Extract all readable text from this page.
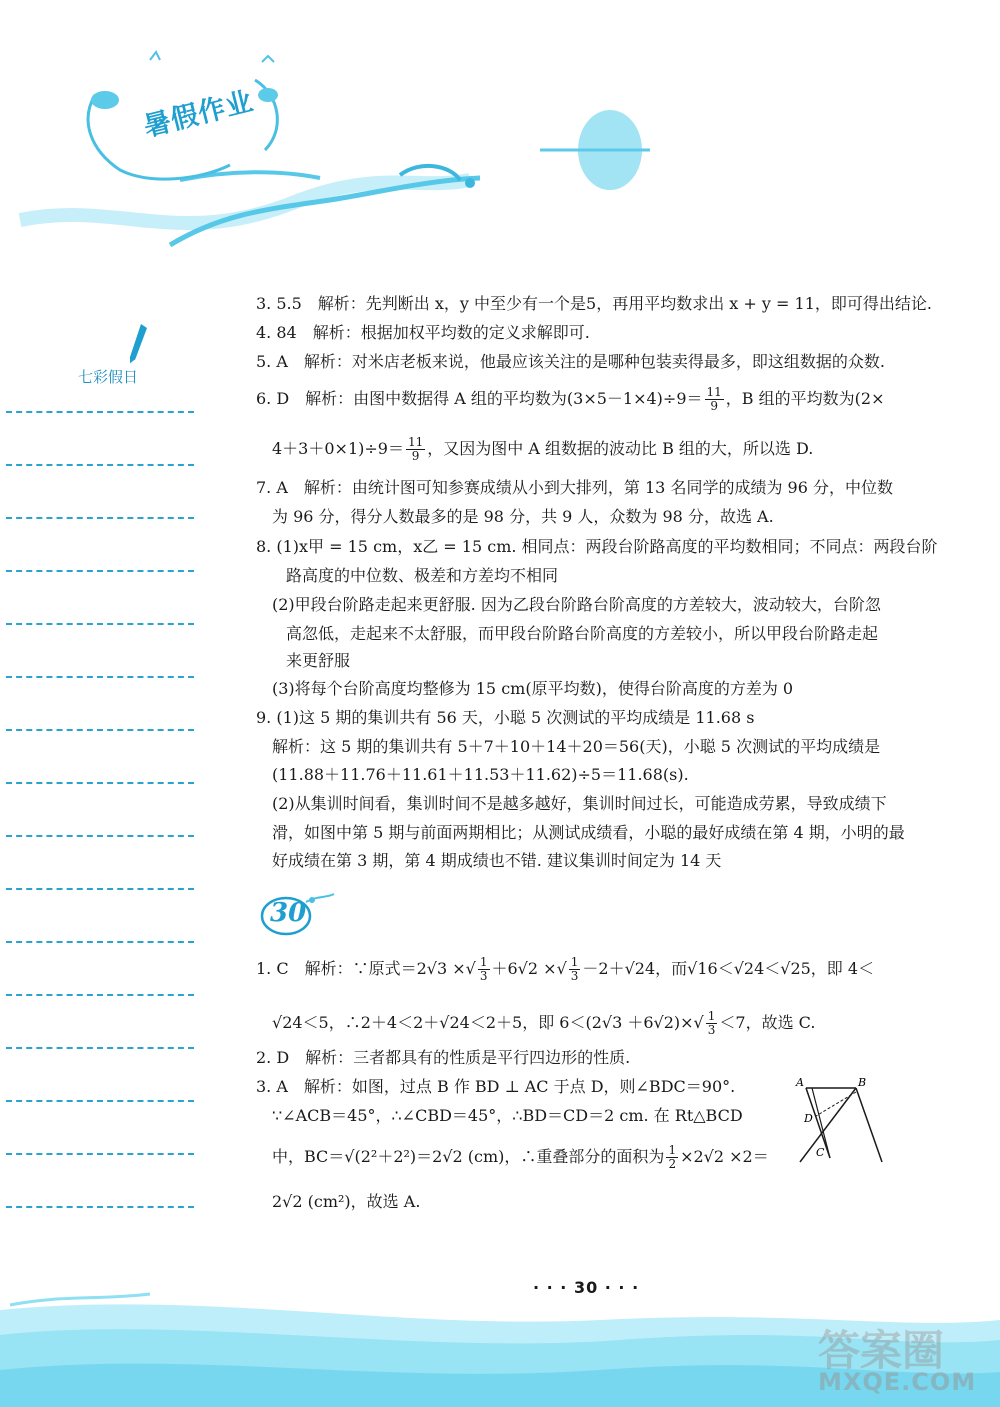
暑假作业
七彩假日
3. 5.5　解析：先判断出 x，y 中至少有一个是5，再用平均数求出 x + y = 11，即可得出结论.
4. 84　解析：根据加权平均数的定义求解即可.
5. A　解析：对米店老板来说，他最应该关注的是哪种包装卖得最多，即这组数据的众数.
6. D　解析：由图中数据得 A 组的平均数为$(3\times 5-1\times 4)\div 9= \frac{11}{9}$ ，B 组的平均数为(2×
$4+3+0\times 1)\div 9= \frac{11}{9}$ ，又因为图中 A 组数据的波动比 B 组的大，所以选 D.
7. A　解析：由统计图可知参赛成绩从小到大排列，第 13 名同学的成绩为 96 分，中位数
为 96 分，得分人数最多的是 98 分，共 9 人，众数为 98 分，故选 A.
8. (1)x甲 = 15 cm，x乙 = 15 cm. 相同点：两段台阶路高度的平均数相同；不同点：两段台阶
路高度的中位数、极差和方差均不相同
(2)甲段台阶路走起来更舒服. 因为乙段台阶路台阶高度的方差较大，波动较大，台阶忽
高忽低，走起来不太舒服，而甲段台阶路台阶高度的方差较小，所以甲段台阶路走起
来更舒服
(3)将每个台阶高度均整修为 15 cm(原平均数)，使得台阶高度的方差为 0
9. (1)这 5 期的集训共有 56 天，小聪 5 次测试的平均成绩是 11.68 s
解析：这 5 期的集训共有 5＋7＋10＋14＋20＝56(天)，小聪 5 次测试的平均成绩是
(11.88＋11.76＋11.61＋11.53＋11.62)÷5＝11.68(s).
(2)从集训时间看，集训时间不是越多越好，集训时间过长，可能造成劳累，导致成绩下
滑，如图中第 5 期与前面两期相比；从测试成绩看，小聪的最好成绩在第 4 期，小明的最
好成绩在第 3 期，第 4 期成绩也不错. 建议集训时间定为 14 天
30
1. C　解析：∵原式＝2√3 ×√ $\frac{1}{3} +6√2$ ×√ $\frac{1}{3} -2+√24$，而√16＜√24＜√25，即 4＜
√24＜5，∴2＋4＜2＋√24＜2＋5，即 $6<(2√3 +6√2)\times√ \frac{1}{3} <7$，故选 C.
2. D　解析：三者都具有的性质是平行四边形的性质.
3. A　解析：如图，过点 B 作 BD ⊥ AC 于点 D，则∠BDC＝90°.
∵∠ACB＝45°，∴∠CBD＝45°，∴BD＝CD＝2 cm. 在 Rt△BCD
中，BC＝√(2²＋2²)＝2√2 (cm)，∴重叠部分的面积为 $\frac{1}{2} \times 2√2 \times 2=$
2√2 (cm²)，故选 A.
A	B
D
C
· · · 30 · · ·
答案圈
MXQE.COM
